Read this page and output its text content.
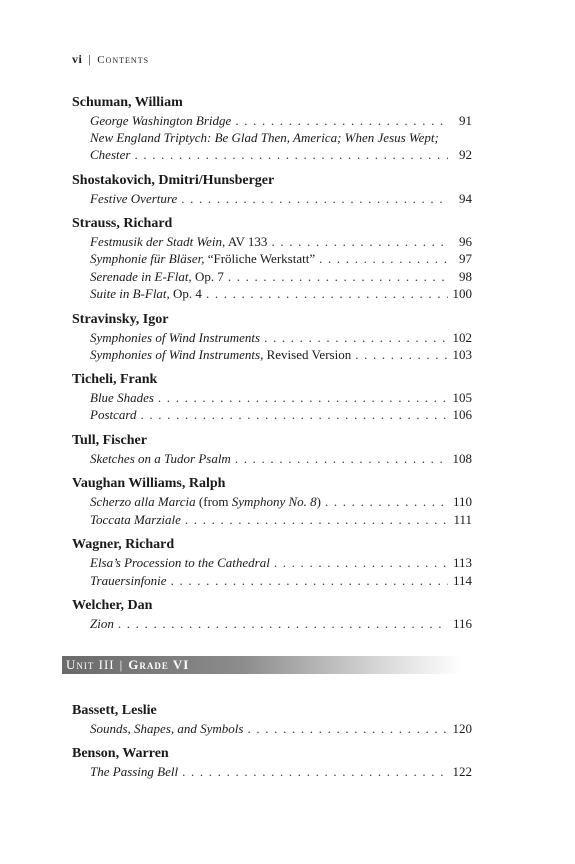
vi | Contents
Schuman, William
George Washington Bridge . . .	91
New England Triptych: Be Glad Then, America; When Jesus Wept;
Chester . . .	92
Shostakovich, Dmitri/Hunsberger
Festive Overture . . .	94
Strauss, Richard
Festmusik der Stadt Wein, AV 133 . . .	96
Symphonie für Bläser, “Fröliche Werkstatt” . . .	97
Serenade in E-Flat, Op. 7 . . .	98
Suite in B-Flat, Op. 4 . . .	100
Stravinsky, Igor
Symphonies of Wind Instruments . . .	102
Symphonies of Wind Instruments, Revised Version . . .	103
Ticheli, Frank
Blue Shades . . .	105
Postcard . . .	106
Tull, Fischer
Sketches on a Tudor Psalm . . .	108
Vaughan Williams, Ralph
Scherzo alla Marcia (from Symphony No. 8) . . .	110
Toccata Marziale . . .	111
Wagner, Richard
Elsa’s Procession to the Cathedral . . .	113
Trauersinfonie . . .	114
Welcher, Dan
Zion . . .	116
Unit III | Grade VI
Bassett, Leslie
Sounds, Shapes, and Symbols . . .	120
Benson, Warren
The Passing Bell . . .	122
